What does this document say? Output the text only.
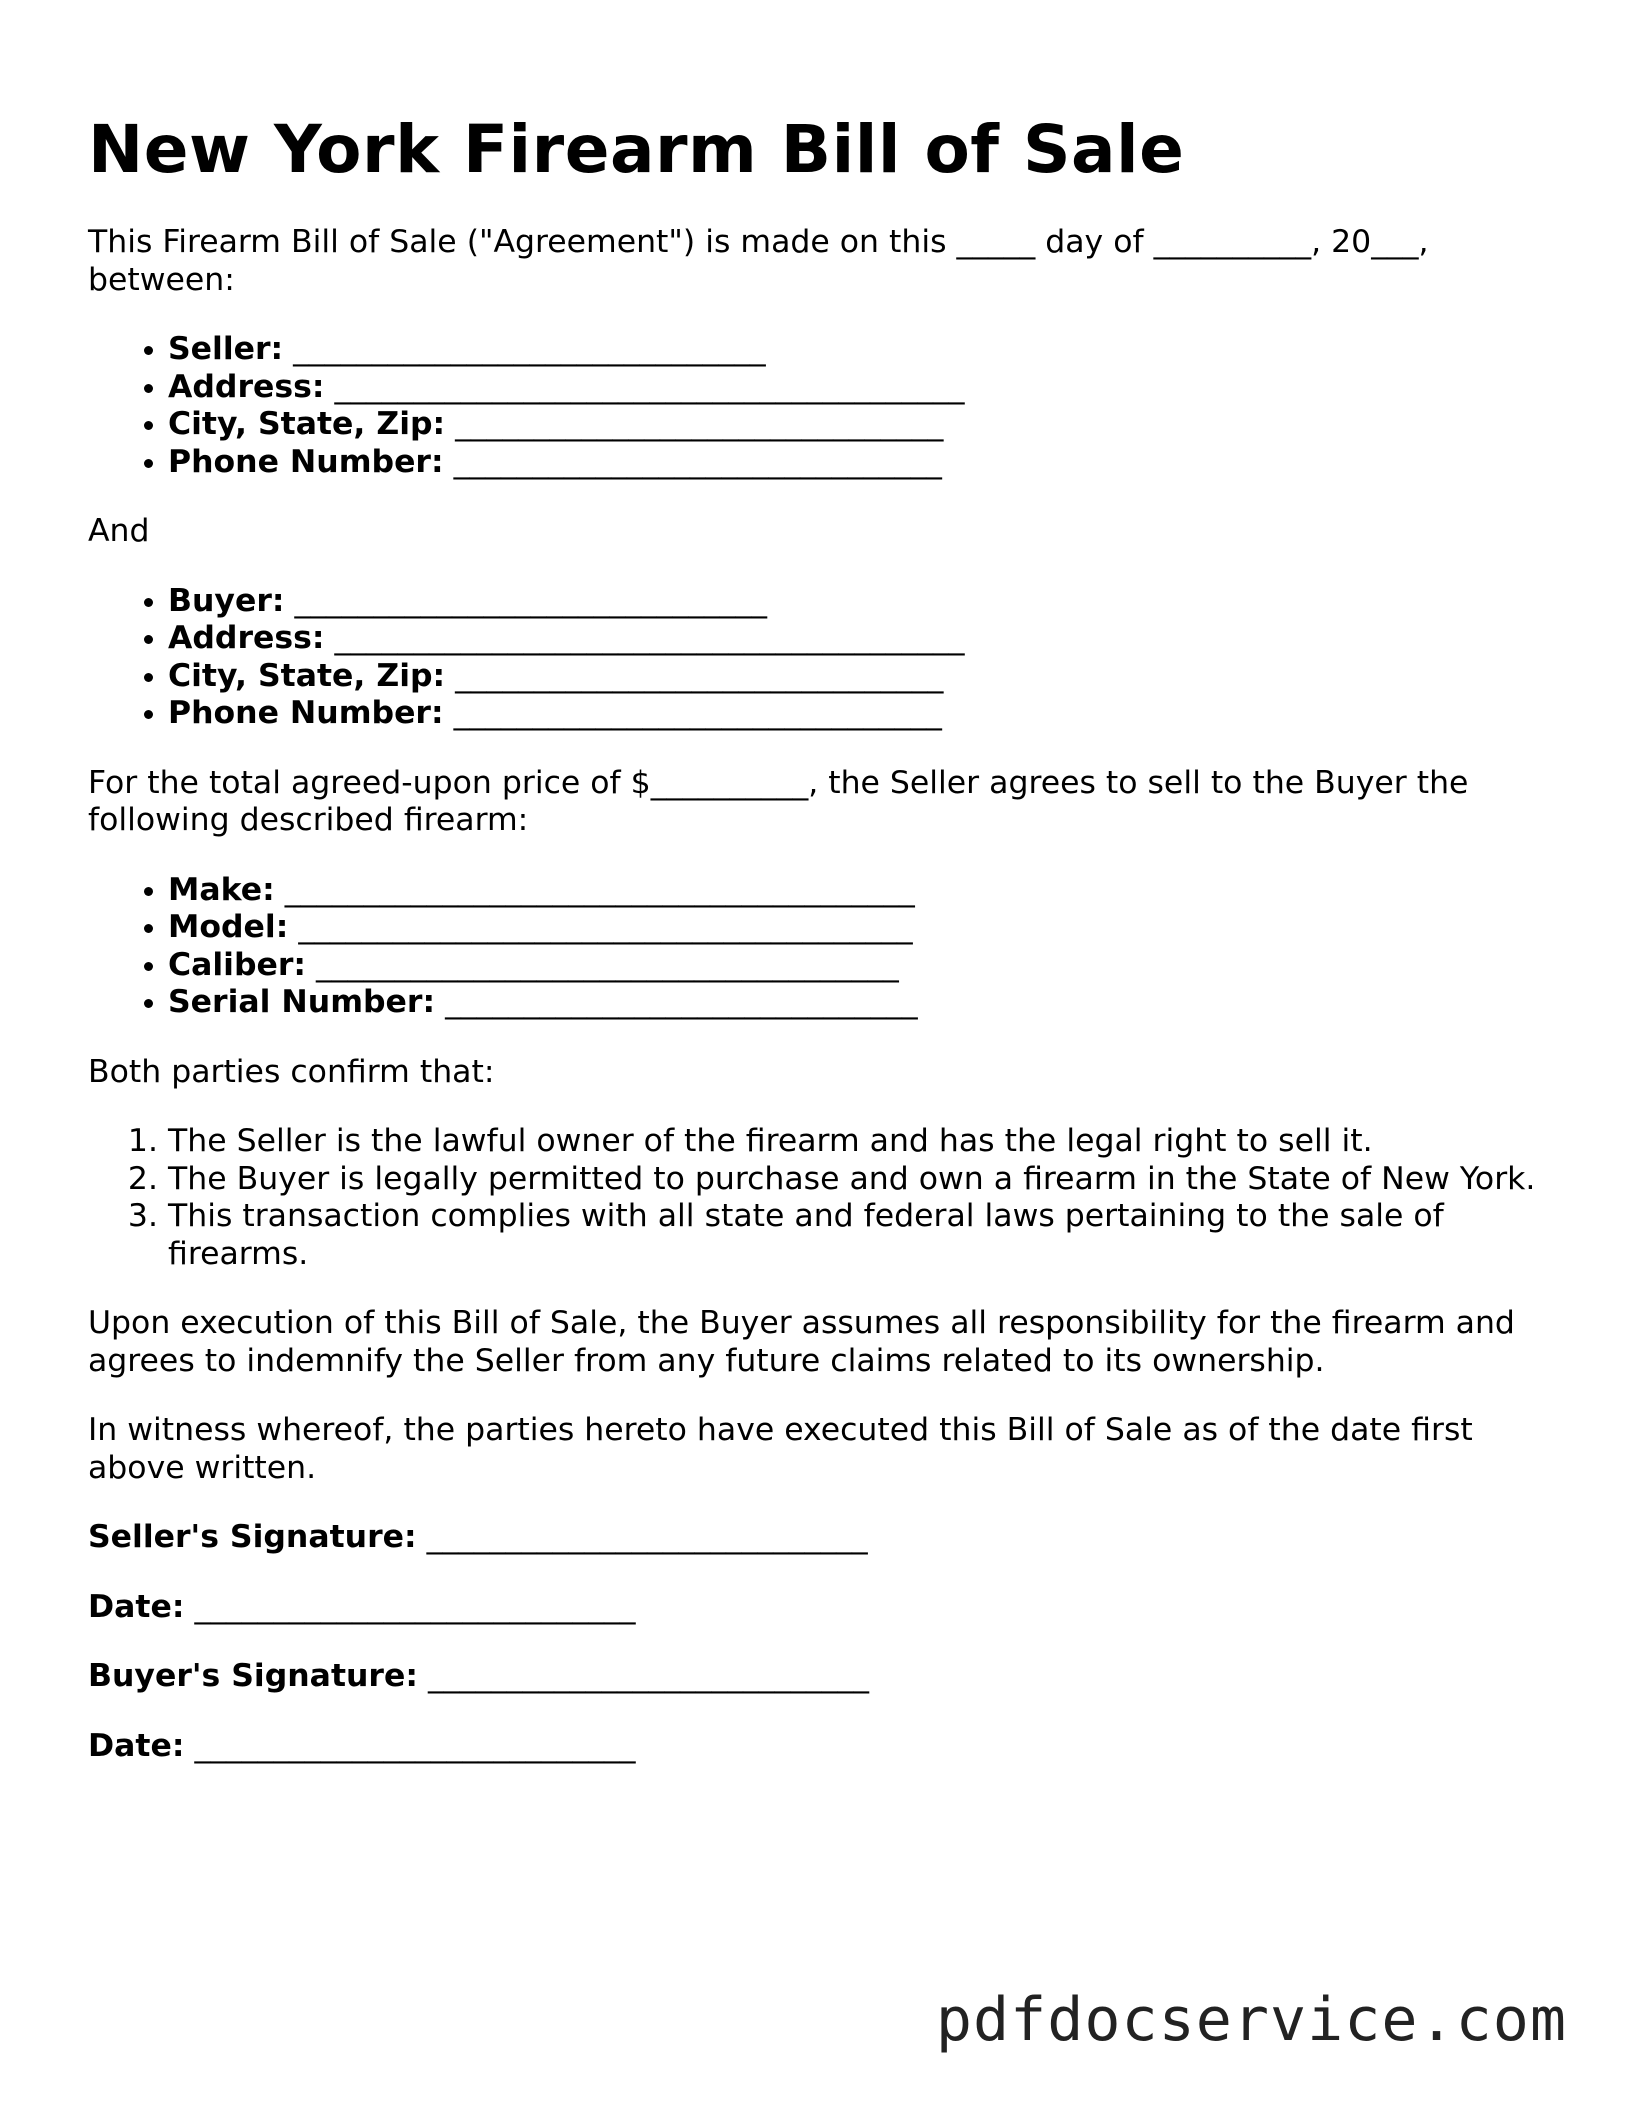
New York Firearm Bill of Sale

This Firearm Bill of Sale ("Agreement") is made on this _____ day of __________, 20___, between:

• Seller: ______________________________
• Address: ________________________________________
• City, State, Zip: _______________________________
• Phone Number: _______________________________

And

• Buyer: ______________________________
• Address: ________________________________________
• City, State, Zip: _______________________________
• Phone Number: _______________________________

For the total agreed-upon price of $__________, the Seller agrees to sell to the Buyer the following described firearm:

• Make: ________________________________________
• Model: _______________________________________
• Caliber: _____________________________________
• Serial Number: ______________________________

Both parties confirm that:

1. The Seller is the lawful owner of the firearm and has the legal right to sell it.
2. The Buyer is legally permitted to purchase and own a firearm in the State of New York.
3. This transaction complies with all state and federal laws pertaining to the sale of firearms.

Upon execution of this Bill of Sale, the Buyer assumes all responsibility for the firearm and agrees to indemnify the Seller from any future claims related to its ownership.

In witness whereof, the parties hereto have executed this Bill of Sale as of the date first above written.

Seller's Signature: ____________________________
Date: ____________________________
Buyer's Signature: ____________________________
Date: ____________________________
pdfdocservice.com
